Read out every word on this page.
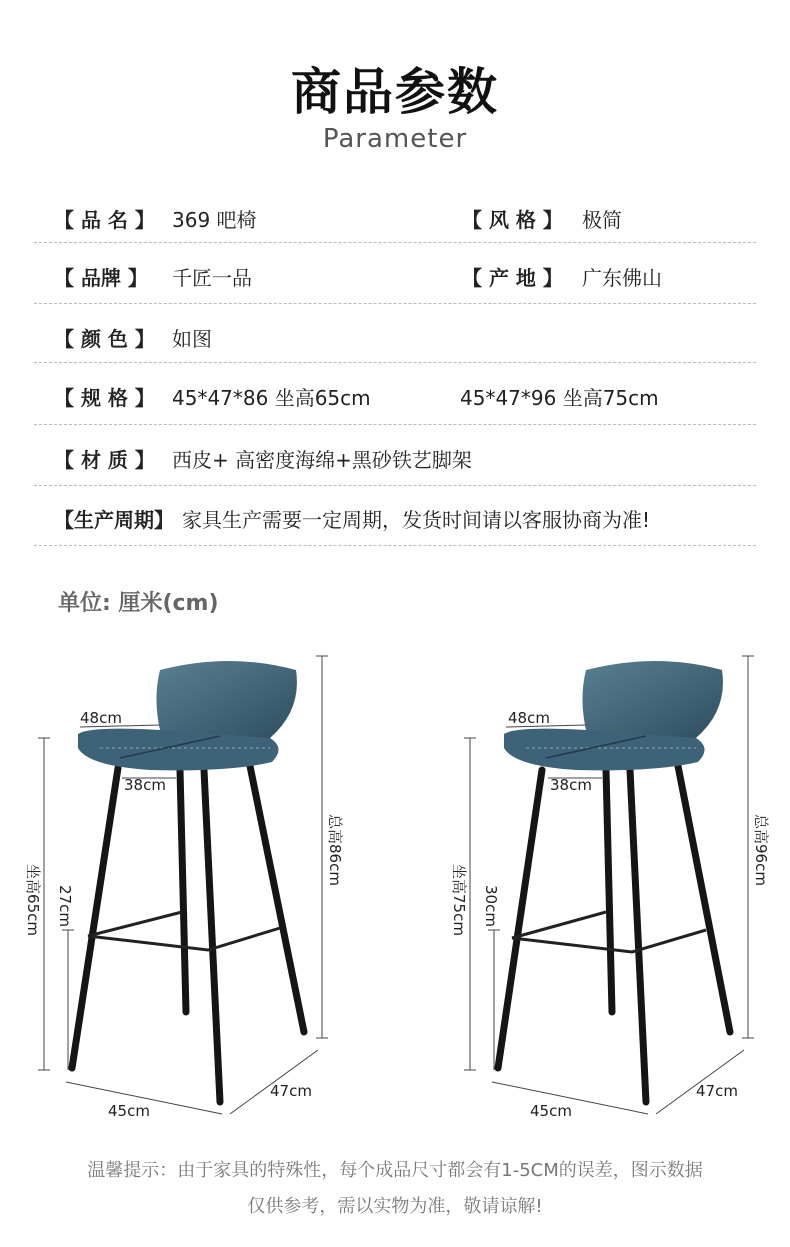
商品参数
Parameter
【 品 名 】 369 吧椅	【 风 格 】 极简
【 品牌 】 千匠一品	【 产 地 】 广东佛山
【 颜 色 】 如图
【 规 格 】 45*47*86 坐高65cm	45*47*96 坐高75cm
【 材 质 】 西皮+ 高密度海绵+黑砂铁艺脚架
【生产周期】 家具生产需要一定周期，发货时间请以客服协商为准!
单位: 厘米(cm)
48cm
38cm
坐高65cm 27cm
总高86cm
45cm
47cm
48cm
38cm
坐高75cm 30cm
总高96cm
45cm
47cm
温馨提示：由于家具的特殊性，每个成品尺寸都会有1-5CM的误差，图示数据
仅供参考，需以实物为准，敬请谅解!
